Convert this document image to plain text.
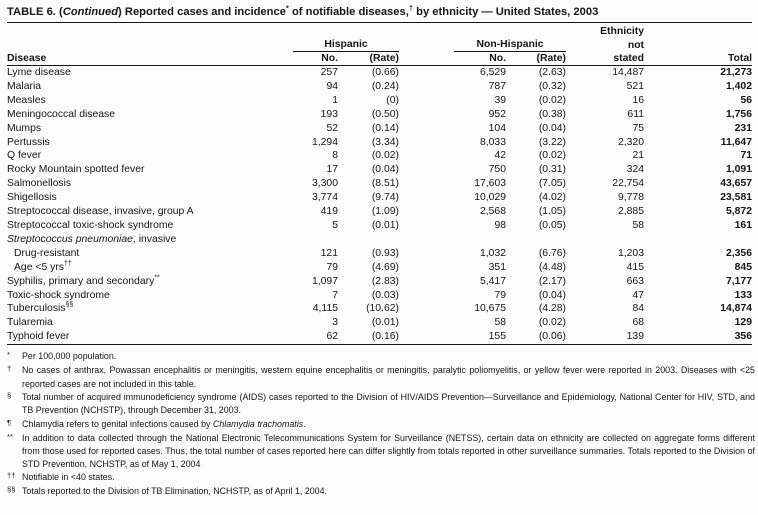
TABLE 6. (Continued) Reported cases and incidence* of notifiable diseases,† by ethnicity — United States, 2003
Disease					Ethnicity	Total

	Hispanic		Non-Hispanic		not	
	No.	(Rate)	No.	(Rate)	stated	
Lyme disease	257	(0.66)	6,529	(2.63)	14,487	21,273
Malaria	94	(0.24)	787	(0.32)	521	1,402
Measles	1	(0)	39	(0.02)	16	56
Meningococcal disease	193	(0.50)	952	(0.38)	611	1,756
Mumps	52	(0.14)	104	(0.04)	75	231
Pertussis	1,294	(3.34)	8,033	(3.22)	2,320	11,647
Q fever	8	(0.02)	42	(0.02)	21	71
Rocky Mountain spotted fever	17	(0.04)	750	(0.31)	324	1,091
Salmonellosis	3,300	(8.51)	17,603	(7.05)	22,754	43,657
Shigellosis	3,774	(9.74)	10,029	(4.02)	9,778	23,581
Streptococcal disease, invasive, group A	419	(1.09)	2,568	(1.05)	2,885	5,872
Streptococcal toxic-shock syndrome	5	(0.01)	98	(0.05)	58	161
Streptococcus pneumoniae, invasive						
Drug-resistant	121	(0.93)	1,032	(6.76)	1,203	2,356
Age <5 yrs††	79	(4.69)	351	(4.48)	415	845
Syphilis, primary and secondary**	1,097	(2.83)	5,417	(2.17)	663	7,177
Toxic-shock syndrome	7	(0.03)	79	(0.04)	47	133
Tuberculosis§§	4,115	(10.62)	10,675	(4.28)	84	14,874
Tularemia	3	(0.01)	58	(0.02)	68	129
Typhoid fever	62	(0.16)	155	(0.06)	139	356
* Per 100,000 population.
† No cases of anthrax, Powassan encephalitis or meningitis, western equine encephalitis or meningitis, paralytic poliomyelitis, or yellow fever were reported in 2003. Diseases with <25 reported cases are not included in this table.
§ Total number of acquired immunodeficiency syndrome (AIDS) cases reported to the Division of HIV/AIDS Prevention—Surveillance and Epidemiology, National Center for HIV, STD, and TB Prevention (NCHSTP), through December 31, 2003.
¶ Chlamydia refers to genital infections caused by Chlamydia trachomatis.
** In addition to data collected through the National Electronic Telecommunications System for Surveillance (NETSS), certain data on ethnicity are collected on aggregate forms different from those used for reported cases. Thus, the total number of cases reported here can differ slightly from totals reported in other surveillance summaries. Totals reported to the Division of STD Prevention, NCHSTP, as of May 1, 2004
†† Notifiable in <40 states.
§§ Totals reported to the Division of TB Elimination, NCHSTP, as of April 1, 2004.
